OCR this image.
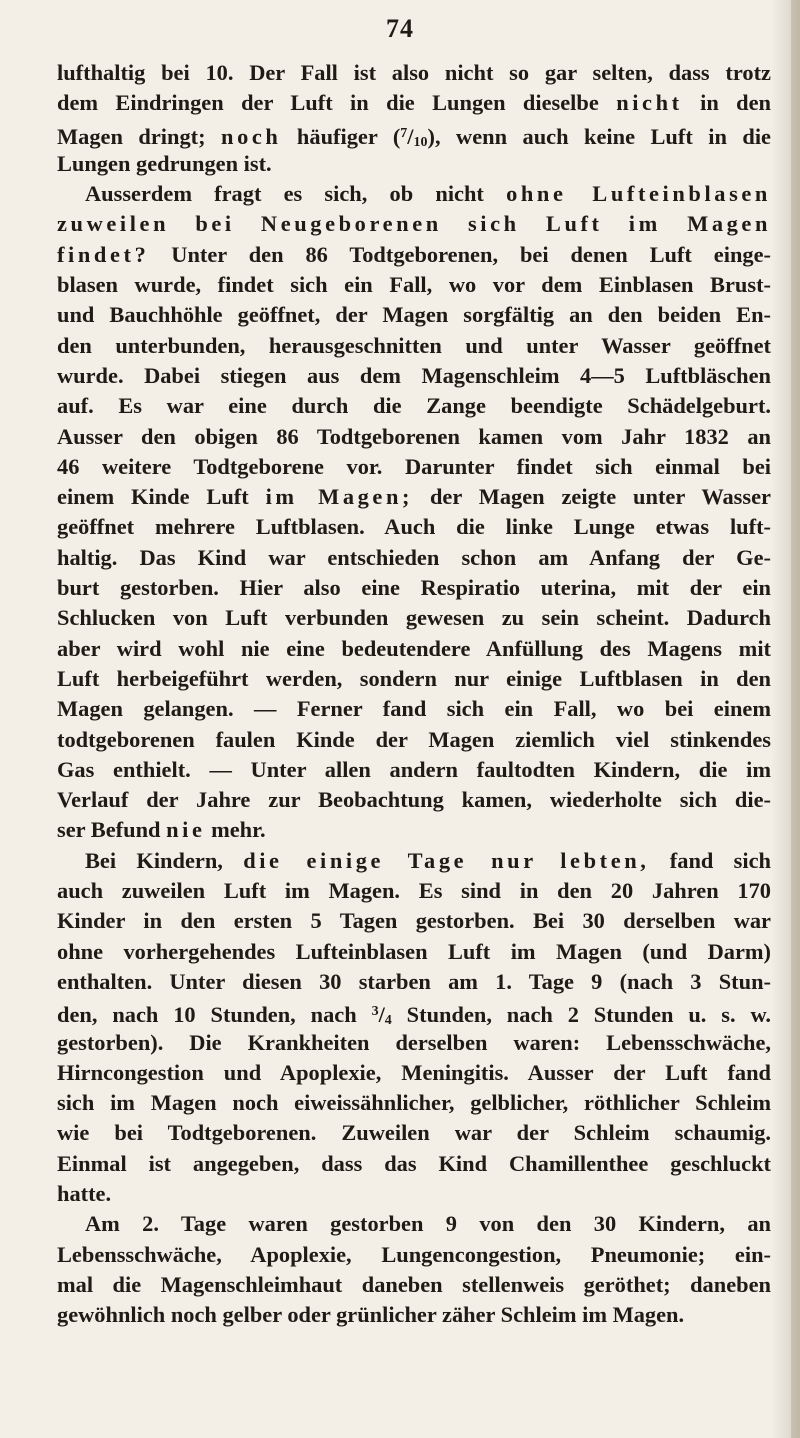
74
lufthaltig bei 10. Der Fall ist also nicht so gar selten, dass trotz
dem Eindringen der Luft in die Lungen dieselbe nicht in den
Magen dringt; noch häufiger ($^7$/10), wenn auch keine Luft in die
Lungen gedrungen ist.
Ausserdem fragt es sich, ob nicht ohne Lufteinblasen
zuweilen bei Neugeborenen sich Luft im Magen
findet? Unter den 86 Todtgeborenen, bei denen Luft einge-
blasen wurde, findet sich ein Fall, wo vor dem Einblasen Brust-
und Bauchhöhle geöffnet, der Magen sorgfältig an den beiden En-
den unterbunden, herausgeschnitten und unter Wasser geöffnet
wurde. Dabei stiegen aus dem Magenschleim 4—5 Luftbläschen
auf. Es war eine durch die Zange beendigte Schädelgeburt.
Ausser den obigen 86 Todtgeborenen kamen vom Jahr 1832 an
46 weitere Todtgeborene vor. Darunter findet sich einmal bei
einem Kinde Luft im Magen; der Magen zeigte unter Wasser
geöffnet mehrere Luftblasen. Auch die linke Lunge etwas luft-
haltig. Das Kind war entschieden schon am Anfang der Ge-
burt gestorben. Hier also eine Respiratio uterina, mit der ein
Schlucken von Luft verbunden gewesen zu sein scheint. Dadurch
aber wird wohl nie eine bedeutendere Anfüllung des Magens mit
Luft herbeigeführt werden, sondern nur einige Luftblasen in den
Magen gelangen. — Ferner fand sich ein Fall, wo bei einem
todtgeborenen faulen Kinde der Magen ziemlich viel stinkendes
Gas enthielt. — Unter allen andern faultodten Kindern, die im
Verlauf der Jahre zur Beobachtung kamen, wiederholte sich die-
ser Befund nie mehr.
Bei Kindern, die einige Tage nur lebten, fand sich
auch zuweilen Luft im Magen. Es sind in den 20 Jahren 170
Kinder in den ersten 5 Tagen gestorben. Bei 30 derselben war
ohne vorhergehendes Lufteinblasen Luft im Magen (und Darm)
enthalten. Unter diesen 30 starben am 1. Tage 9 (nach 3 Stun-
den, nach 10 Stunden, nach $^3$/4 Stunden, nach 2 Stunden u. s. w.
gestorben). Die Krankheiten derselben waren: Lebensschwäche,
Hirncongestion und Apoplexie, Meningitis. Ausser der Luft fand
sich im Magen noch eiweissähnlicher, gelblicher, röthlicher Schleim
wie bei Todtgeborenen. Zuweilen war der Schleim schaumig.
Einmal ist angegeben, dass das Kind Chamillenthee geschluckt
hatte.
Am 2. Tage waren gestorben 9 von den 30 Kindern, an
Lebensschwäche, Apoplexie, Lungencongestion, Pneumonie; ein-
mal die Magenschleimhaut daneben stellenweis geröthet; daneben
gewöhnlich noch gelber oder grünlicher zäher Schleim im Magen.
